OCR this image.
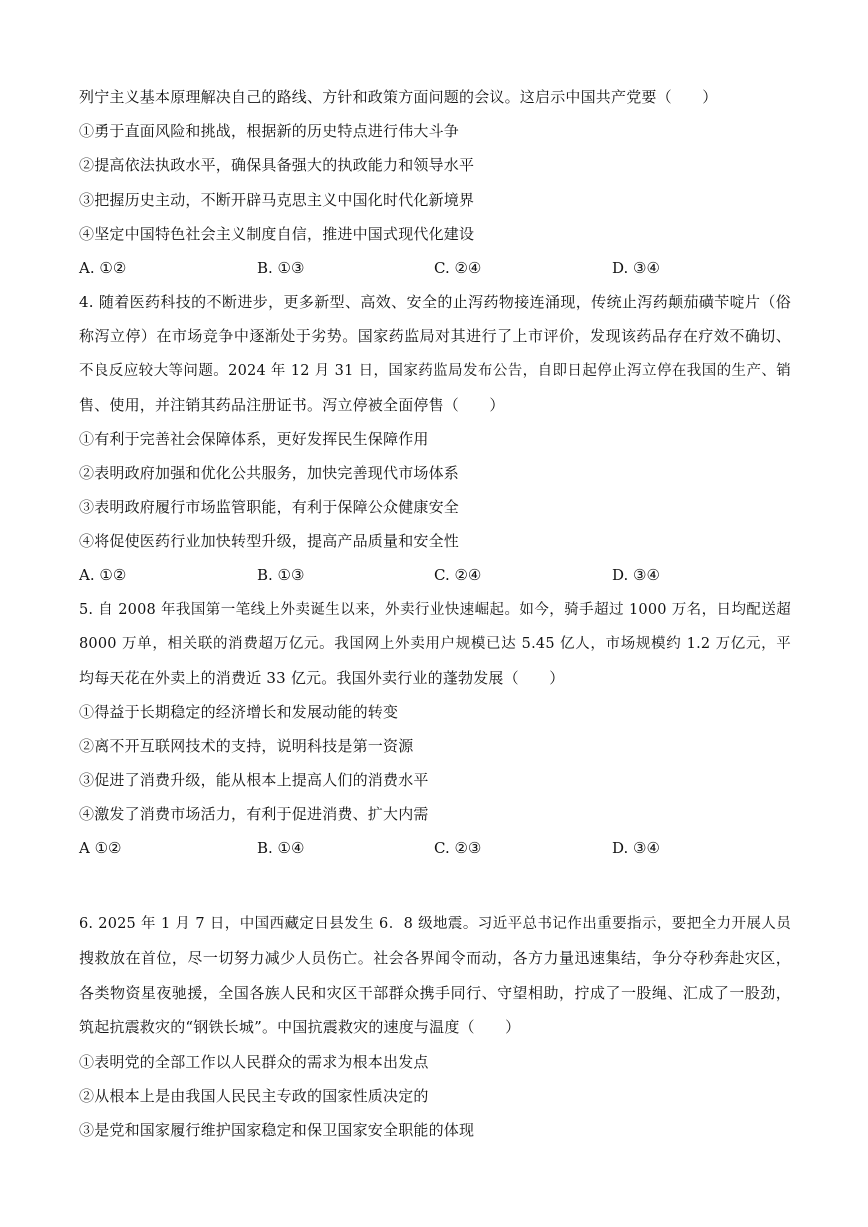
列宁主义基本原理解决自己的路线、方针和政策方面问题的会议。这启示中国共产党要（　　）
①勇于直面风险和挑战，根据新的历史特点进行伟大斗争
②提高依法执政水平，确保具备强大的执政能力和领导水平
③把握历史主动，不断开辟马克思主义中国化时代化新境界
④坚定中国特色社会主义制度自信，推进中国式现代化建设
A. ①②	B. ①③	C. ②④	D. ③④
4. 随着医药科技的不断进步，更多新型、高效、安全的止泻药物接连涌现，传统止泻药颠茄磺苄啶片（俗
称泻立停）在市场竞争中逐渐处于劣势。国家药监局对其进行了上市评价，发现该药品存在疗效不确切、
不良反应较大等问题。2024 年 12 月 31 日，国家药监局发布公告，自即日起停止泻立停在我国的生产、销
售、使用，并注销其药品注册证书。泻立停被全面停售（　　）
①有利于完善社会保障体系，更好发挥民生保障作用
②表明政府加强和优化公共服务，加快完善现代市场体系
③表明政府履行市场监管职能，有利于保障公众健康安全
④将促使医药行业加快转型升级，提高产品质量和安全性
A. ①②	B. ①③	C. ②④	D. ③④
5. 自 2008 年我国第一笔线上外卖诞生以来，外卖行业快速崛起。如今，骑手超过 1000 万名，日均配送超
8000 万单，相关联的消费超万亿元。我国网上外卖用户规模已达 5.45 亿人，市场规模约 1.2 万亿元，平
均每天花在外卖上的消费近 33 亿元。我国外卖行业的蓬勃发展（　　）
①得益于长期稳定的经济增长和发展动能的转变
②离不开互联网技术的支持，说明科技是第一资源
③促进了消费升级，能从根本上提高人们的消费水平
④激发了消费市场活力，有利于促进消费、扩大内需
A ①②	B. ①④	C. ②③	D. ③④
6. 2025 年 1 月 7 日，中国西藏定日县发生 6．8 级地震。习近平总书记作出重要指示，要把全力开展人员
搜救放在首位，尽一切努力减少人员伤亡。社会各界闻令而动，各方力量迅速集结，争分夺秒奔赴灾区，
各类物资星夜驰援，全国各族人民和灾区干部群众携手同行、守望相助，拧成了一股绳、汇成了一股劲，
筑起抗震救灾的“钢铁长城”。中国抗震救灾的速度与温度（　　）
①表明党的全部工作以人民群众的需求为根本出发点
②从根本上是由我国人民民主专政的国家性质决定的
③是党和国家履行维护国家稳定和保卫国家安全职能的体现
